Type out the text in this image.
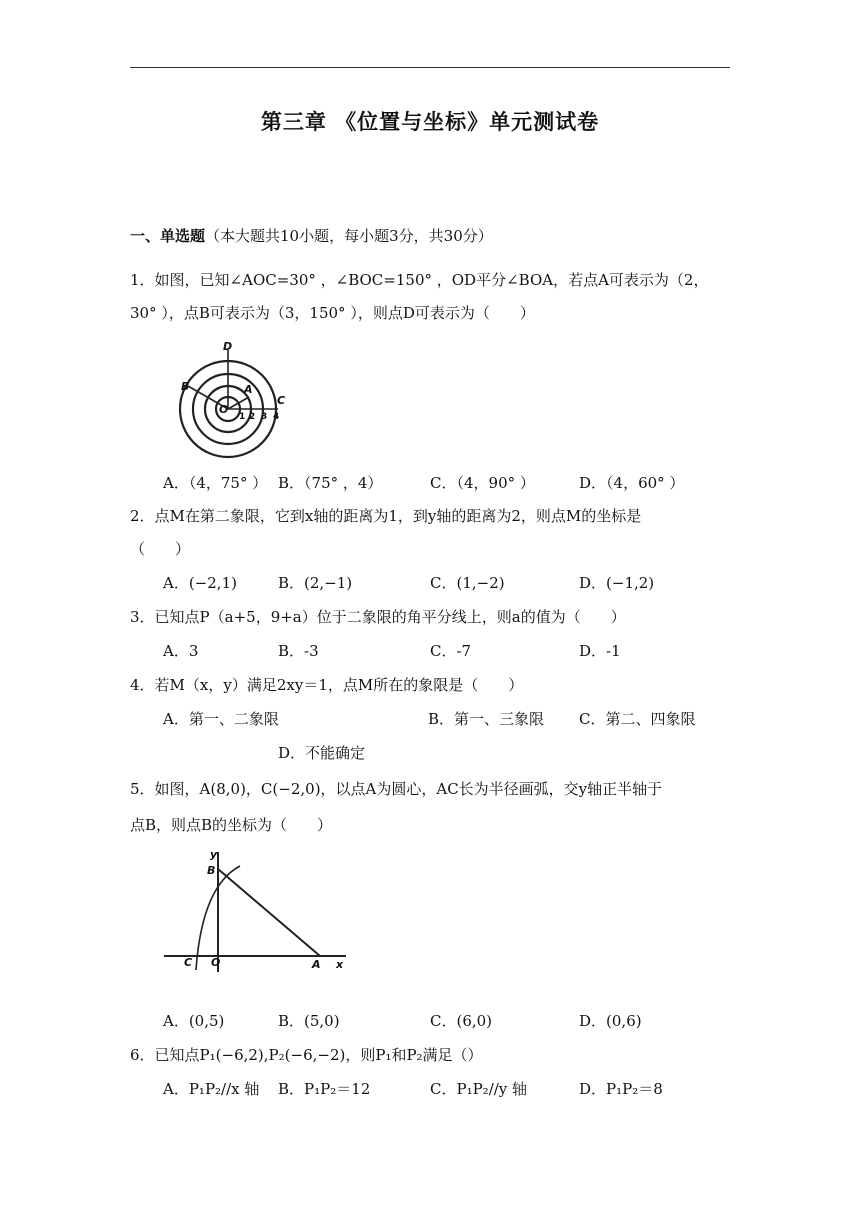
第三章 《位置与坐标》单元测试卷
一、单选题（本大题共10小题，每小题3分，共30分）
1．如图，已知∠AOC=30° ，∠BOC=150° ，OD平分∠BOA，若点A可表示为（2，
30° ），点B可表示为（3，150° ），则点D可表示为（　　）
D
B	A
C
O
1 2 3 4
A．（4，75° ） B．（75° ，4）	C．（4，90° ）	D．（4，60° ）
2．点M在第二象限，它到x轴的距离为1，到y轴的距离为2，则点M的坐标是
（　　）
A．(−2,1)	B．(2,−1)	C．(1,−2)	D．(−1,2)
3．已知点P（a+5，9+a）位于二象限的角平分线上，则a的值为（　　）
A．3	B．-3	C．-7	D．-1
4．若M（x，y）满足2xy＝1，点M所在的象限是（　　）
A．第一、二象限	B．第一、三象限 C．第二、四象限
D．不能确定
5．如图，A(8,0)，C(−2,0)，以点A为圆心，AC长为半径画弧，交y轴正半轴于
点B，则点B的坐标为（　　）
y
B
C O	A x
A．(0,5)	B．(5,0)	C．(6,0)	D．(0,6)
6．已知点P₁(−6,2),P₂(−6,−2)，则P₁和P₂满足（）
A．P₁P₂//x 轴 B．P₁P₂＝12	C．P₁P₂//y 轴	D．P₁P₂＝8
